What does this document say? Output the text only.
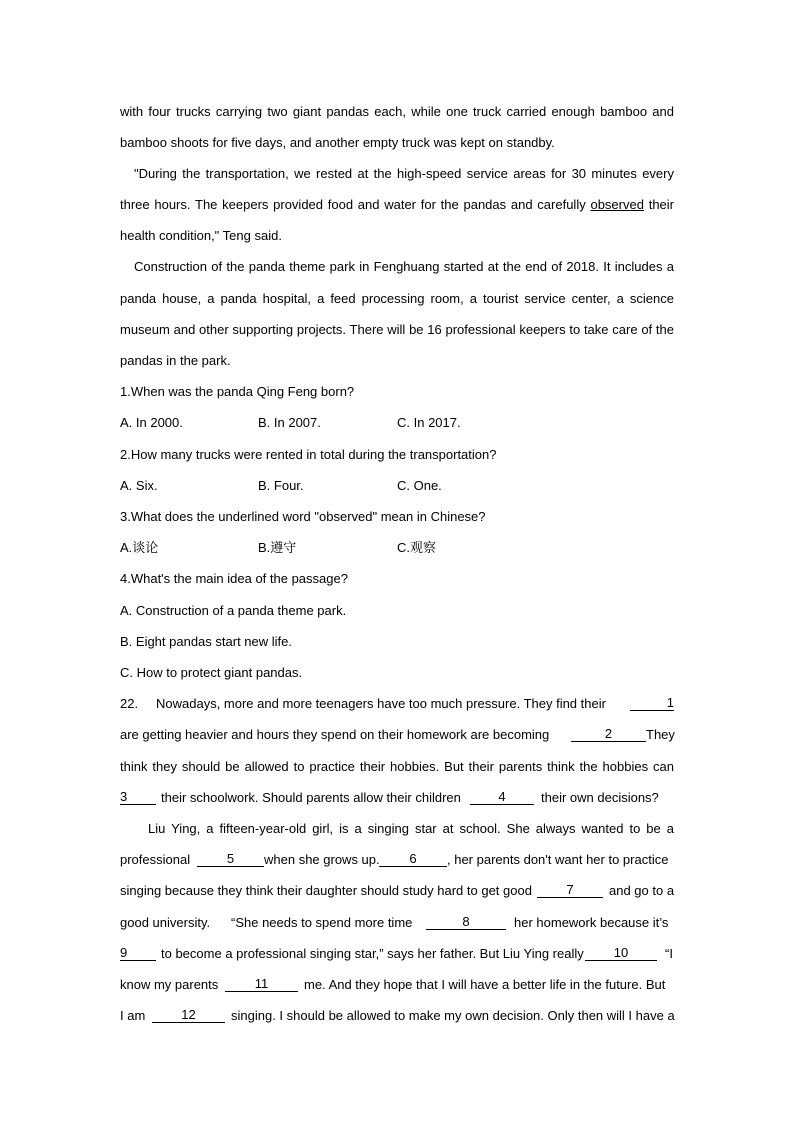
with four trucks carrying two giant pandas each, while one truck carried enough bamboo and
bamboo shoots for five days, and another empty truck was kept on standby.
"During the transportation, we rested at the high-speed service areas for 30 minutes every
three hours. The keepers provided food and water for the pandas and carefully observed their
health condition," Teng said.
Construction of the panda theme park in Fenghuang started at the end of 2018. It includes a
panda house, a panda hospital, a feed processing room, a tourist service center, a science
museum and other supporting projects. There will be 16 professional keepers to take care of the
pandas in the park.
1.When was the panda Qing Feng born?
A. In 2000.	B. In 2007.	C. In 2017.
2.How many trucks were rented in total during the transportation?
A. Six.	B. Four.	C. One.
3.What does the underlined word "observed" mean in Chinese?
A.谈论	B.遵守	C.观察
4.What's the main idea of the passage?
A. Construction of a panda theme park.
B. Eight pandas start new life.
C. How to protect giant pandas.
22. Nowadays, more and more teenagers have too much pressure. They find their	1
are getting heavier and hours they spend on their homework are becoming	2	They
think they should be allowed to practice their hobbies. But their parents think the hobbies can
3	their schoolwork. Should parents allow their children	4	their own decisions?
Liu Ying, a fifteen-year-old girl, is a singing star at school. She always wanted to be a
professional	5	when she grows up.	6	, her parents don't want her to practice
singing because they think their daughter should study hard to get good	7	and go to a
good university. “She needs to spend more time	8	her homework because it’s
9	to become a professional singing star,” says her father. But Liu Ying really	10	“I
know my parents	11	me. And they hope that I will have a better life in the future. But
I am	12	singing. I should be allowed to make my own decision. Only then will I have a
